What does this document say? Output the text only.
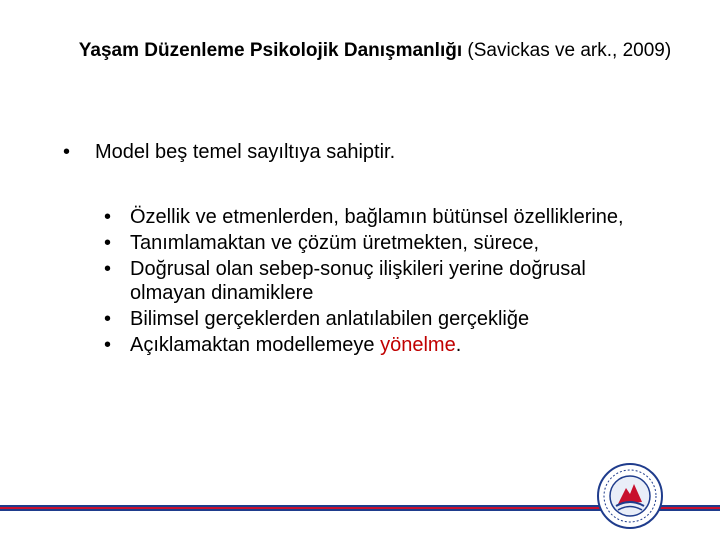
Yaşam Düzenleme Psikolojik Danışmanlığı (Savickas ve ark., 2009)
• Model beş temel sayıltıya sahiptir.
• Özellik ve etmenlerden, bağlamın bütünsel özelliklerine,
• Tanımlamaktan ve çözüm üretmekten, sürece,
• Doğrusal olan sebep-sonuç ilişkileri yerine doğrusal olmayan dinamiklere
• Bilimsel gerçeklerden anlatılabilen gerçekliğe
• Açıklamaktan modellemeye yönelme.
